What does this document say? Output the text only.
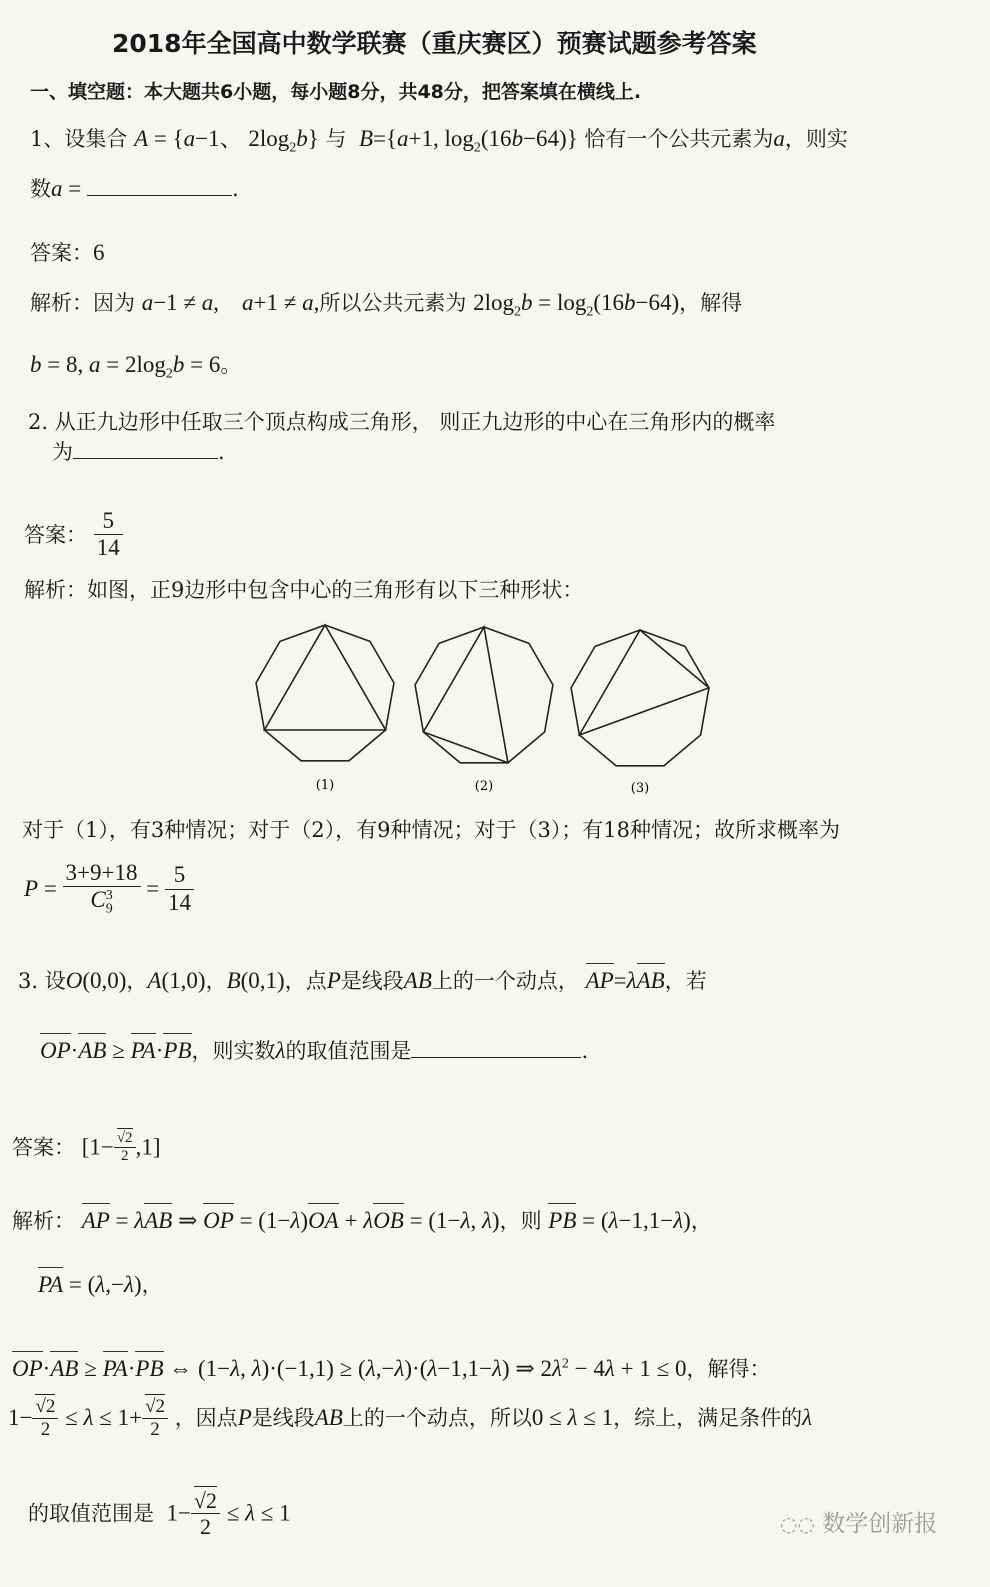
2018年全国高中数学联赛（重庆赛区）预赛试题参考答案
一、填空题：本大题共6小题，每小题8分，共48分，把答案填在横线上.
1、设集合 A = {a−1、 $2\log_2b$} 与 B={a+1, $\log_2(16b-64)$} 恰有一个公共元素为a，则实
数a =	.
答案：6
解析：因为 a−1 ≠ a,    a+1 ≠ a,所以公共元素为 $2\log_2b = \log_2(16b-64)$，解得
b = 8, $a = 2\log_2b = 6$。
2. 从正九边形中任取三个顶点构成三角形， 则正九边形的中心在三角形内的概率
为	.
答案： $\frac{5}{14}$
解析：如图，正9边形中包含中心的三角形有以下三种形状：
(1)	(2)	(3)
对于（1），有3种情况；对于（2），有9种情况；对于（3）；有18种情况；故所求概率为
$P = \frac{3+9+18}{C_9^3} = \frac{5}{14}$
3. 设O(0,0)，A(1,0)，B(0,1)，点P是线段AB上的一个动点， AP=λAB，若
OP·AB ≥ PA·PB，则实数λ的取值范围是	.
答案： $[1- \frac{√2}{2} ,1]$
解析： AP = λAB ⇒ OP = (1−λ)OA + λOB = (1−λ, λ)，则 PB = (λ−1,1−λ)，
PA = (λ,−λ)，
OP·AB ≥ PA·PB ⇔ (1−λ, λ)·(−1,1) ≥ (λ,−λ)·(λ−1,1−λ) ⇒ $2\lambda^2 - 4\lambda + 1 \le 0$，解得：
$1- \frac{√2}{2} \le \lambda \le 1+ \frac{√2}{2}$ ，因点P是线段AB上的一个动点，所以0 ≤ λ ≤ 1，综上，满足条件的λ
的取值范围是  $1- \frac{√2}{2} \le \lambda \le 1$	◌◌ 数学创新报
